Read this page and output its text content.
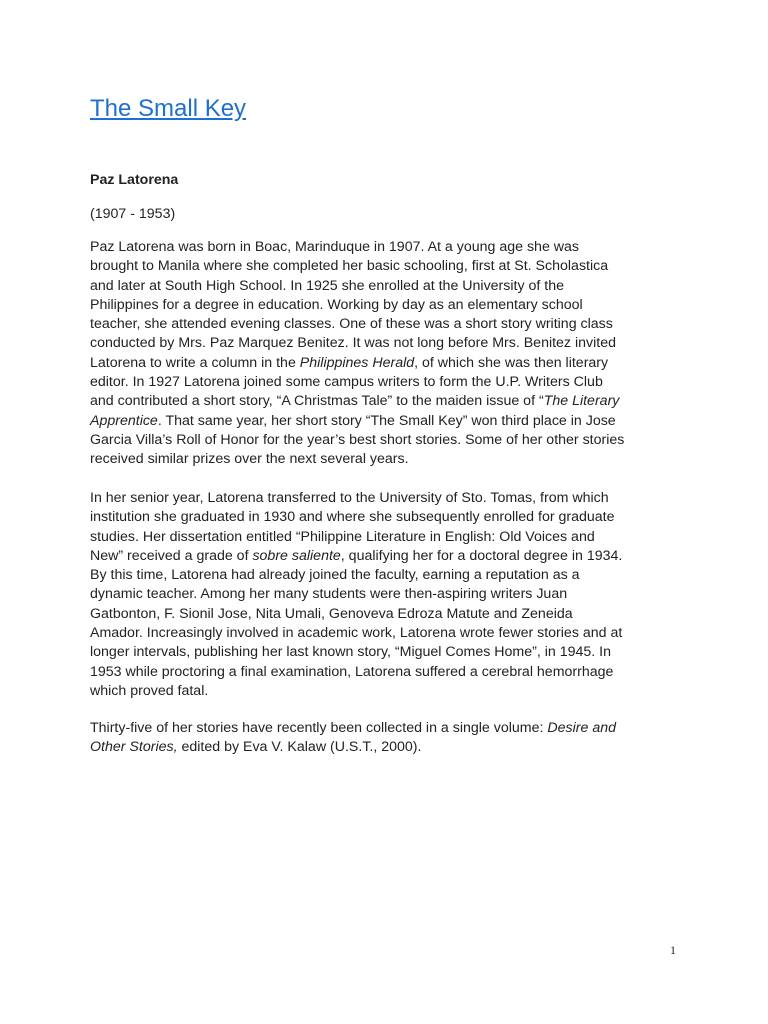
The Small Key

Paz Latorena

(1907 - 1953)

Paz Latorena was born in Boac, Marinduque in 1907. At a young age she was
brought to Manila where she completed her basic schooling, first at St. Scholastica
and later at South High School. In 1925 she enrolled at the University of the
Philippines for a degree in education. Working by day as an elementary school
teacher, she attended evening classes. One of these was a short story writing class
conducted by Mrs. Paz Marquez Benitez. It was not long before Mrs. Benitez invited
Latorena to write a column in the Philippines Herald, of which she was then literary
editor. In 1927 Latorena joined some campus writers to form the U.P. Writers Club
and contributed a short story, “A Christmas Tale” to the maiden issue of “The Literary
Apprentice. That same year, her short story “The Small Key” won third place in Jose
Garcia Villa’s Roll of Honor for the year’s best short stories. Some of her other stories
received similar prizes over the next several years.
In her senior year, Latorena transferred to the University of Sto. Tomas, from which
institution she graduated in 1930 and where she subsequently enrolled for graduate
studies. Her dissertation entitled “Philippine Literature in English: Old Voices and
New” received a grade of sobre saliente, qualifying her for a doctoral degree in 1934.
By this time, Latorena had already joined the faculty, earning a reputation as a
dynamic teacher. Among her many students were then-aspiring writers Juan
Gatbonton, F. Sionil Jose, Nita Umali, Genoveva Edroza Matute and Zeneida
Amador. Increasingly involved in academic work, Latorena wrote fewer stories and at
longer intervals, publishing her last known story, “Miguel Comes Home”, in 1945. In
1953 while proctoring a final examination, Latorena suffered a cerebral hemorrhage
which proved fatal.
Thirty-five of her stories have recently been collected in a single volume: Desire and
Other Stories, edited by Eva V. Kalaw (U.S.T., 2000).
1
